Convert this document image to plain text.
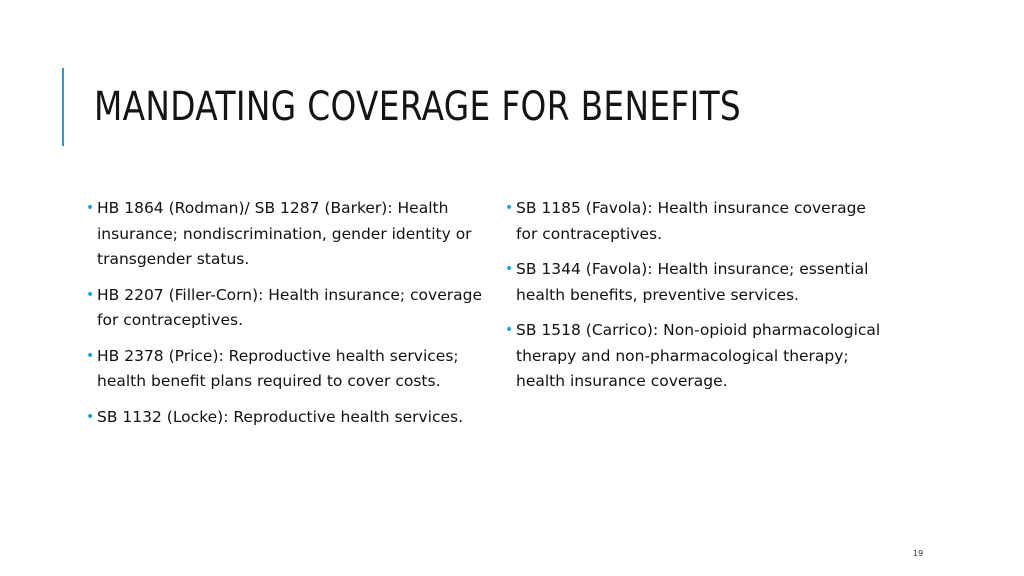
MANDATING COVERAGE FOR BENEFITS
• HB 1864 (Rodman)/ SB 1287 (Barker): Health insurance; nondiscrimination, gender identity or transgender status.
• HB 2207 (Filler-Corn): Health insurance; coverage for contraceptives.
• HB 2378 (Price): Reproductive health services; health benefit plans required to cover costs.
• SB 1132 (Locke): Reproductive health services.
• SB 1185 (Favola): Health insurance coverage for contraceptives.
• SB 1344 (Favola): Health insurance; essential health benefits, preventive services.
• SB 1518 (Carrico): Non-opioid pharmacological therapy and non-pharmacological therapy; health insurance coverage.
19
